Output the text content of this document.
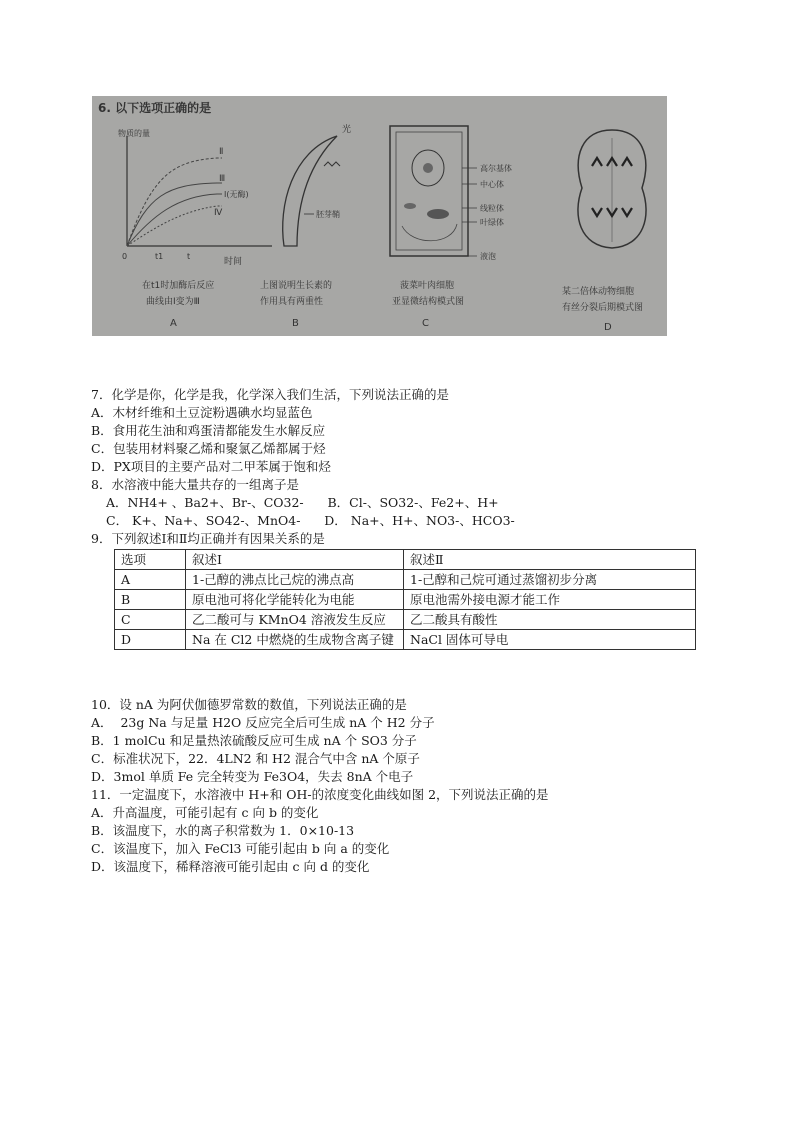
6. 以下选项正确的是
物质的量
0	t1	t
时间
Ⅱ
Ⅲ
Ⅰ(无酶)
Ⅳ
在t1时加酶后反应
曲线由Ⅰ变为Ⅲ
A
光
胚芽鞘
上图说明生长素的
作用具有两重性
B
高尔基体
中心体
线粒体
叶绿体
液泡
菠菜叶肉细胞
亚显微结构模式图
C
某二倍体动物细胞
有丝分裂后期模式图
D
7．化学是你，化学是我，化学深入我们生活，下列说法正确的是
A．木材纤维和土豆淀粉遇碘水均显蓝色
B．食用花生油和鸡蛋清都能发生水解反应
C．包装用材料聚乙烯和聚氯乙烯都属于烃
D．PX项目的主要产品对二甲苯属于饱和烃
8．水溶液中能大量共存的一组离子是
A．NH4+ 、Ba2+、Br-、CO32-      B．Cl-、SO32-、Fe2+、H+
C． K+、Na+、SO42-、MnO4-      D． Na+、H+、NO3-、HCO3-
9．下列叙述Ⅰ和Ⅱ均正确并有因果关系的是
选项	叙述Ⅰ	叙述Ⅱ
A	1-己醇的沸点比己烷的沸点高	1-己醇和己烷可通过蒸馏初步分离
B	原电池可将化学能转化为电能	原电池需外接电源才能工作
C	乙二酸可与 KMnO4 溶液发生反应	乙二酸具有酸性
D	Na 在 Cl2 中燃烧的生成物含离子键	NaCl 固体可导电
10．设 nA 为阿伏伽德罗常数的数值，下列说法正确的是
A．  23g Na 与足量 H2O 反应完全后可生成 nA 个 H2 分子
B．1 molCu 和足量热浓硫酸反应可生成 nA 个 SO3 分子
C．标准状况下，22．4LN2 和 H2 混合气中含 nA 个原子
D．3mol 单质 Fe 完全转变为 Fe3O4，失去 8nA 个电子
11．一定温度下，水溶液中 H+和 OH-的浓度变化曲线如图 2，下列说法正确的是
A．升高温度，可能引起有 c 向 b 的变化
B．该温度下，水的离子积常数为 1．0×10-13
C．该温度下，加入 FeCl3 可能引起由 b 向 a 的变化
D．该温度下，稀释溶液可能引起由 c 向 d 的变化
